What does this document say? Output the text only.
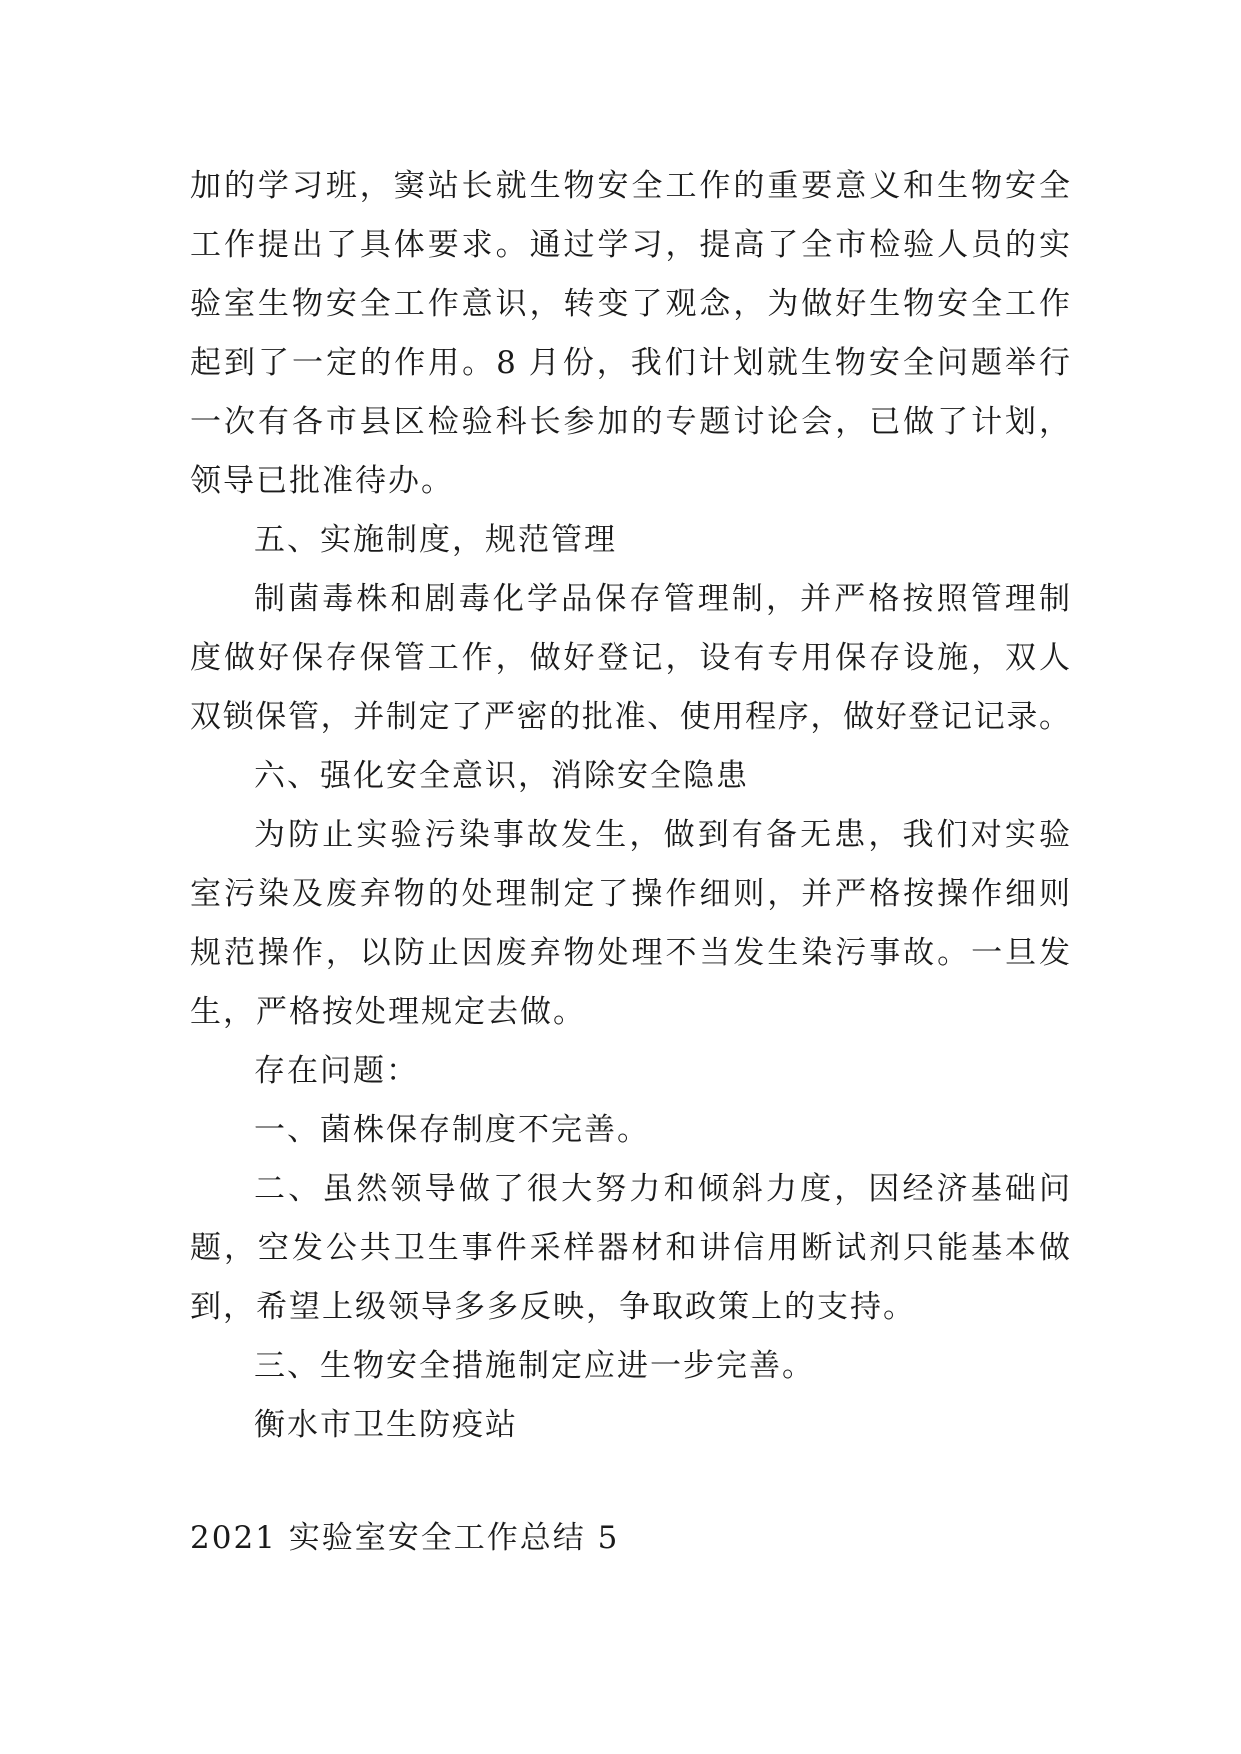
加的学习班，窦站长就生物安全工作的重要意义和生物安全
工作提出了具体要求。通过学习，提高了全市检验人员的实
验室生物安全工作意识，转变了观念，为做好生物安全工作
起到了一定的作用。8 月份，我们计划就生物安全问题举行
一次有各市县区检验科长参加的专题讨论会，已做了计划，
领导已批准待办。
五、实施制度，规范管理
制菌毒株和剧毒化学品保存管理制，并严格按照管理制
度做好保存保管工作，做好登记，设有专用保存设施，双人
双锁保管，并制定了严密的批准、使用程序，做好登记记录。
六、强化安全意识，消除安全隐患
为防止实验污染事故发生，做到有备无患，我们对实验
室污染及废弃物的处理制定了操作细则，并严格按操作细则
规范操作，以防止因废弃物处理不当发生染污事故。一旦发
生，严格按处理规定去做。
存在问题：
一、菌株保存制度不完善。
二、虽然领导做了很大努力和倾斜力度，因经济基础问
题，空发公共卫生事件采样器材和讲信用断试剂只能基本做
到，希望上级领导多多反映，争取政策上的支持。
三、生物安全措施制定应进一步完善。
衡水市卫生防疫站
2021 实验室安全工作总结 5
